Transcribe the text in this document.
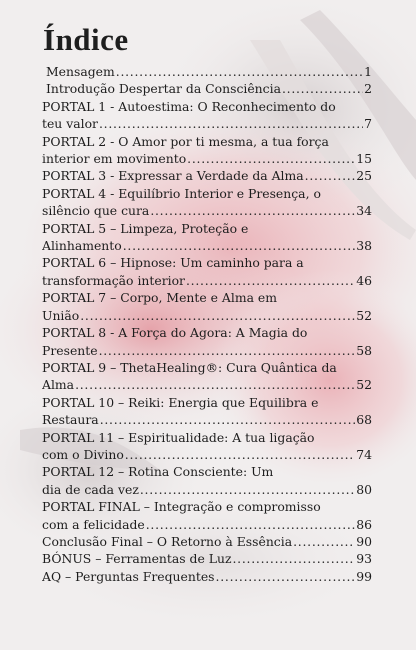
Índice
Mensagem . . .	1
Introdução Despertar da Consciência . . .	2
PORTAL 1 - Autoestima: O Reconhecimento do
teu valor . . .	7
PORTAL 2 - O Amor por ti mesma, a tua força
interior em movimento . . .	15
PORTAL 3 - Expressar a Verdade da Alma . . .	25
PORTAL 4 - Equilíbrio Interior e Presença, o
silêncio que cura . . .	34
PORTAL 5 – Limpeza, Proteção e
Alinhamento . . .	38
PORTAL 6 – Hipnose: Um caminho para a
transformação interior . . .	46
PORTAL 7 – Corpo, Mente e Alma em
União . . .	52
PORTAL 8 - A Força do Agora: A Magia do
Presente . . .	58
PORTAL 9 – ThetaHealing®: Cura Quântica da
Alma . . .	52
PORTAL 10 – Reiki: Energia que Equilibra e
Restaura . . .	68
PORTAL 11 – Espiritualidade: A tua ligação
com o Divino . . .	74
PORTAL 12 – Rotina Consciente: Um
dia de cada vez . . .	80
PORTAL FINAL – Integração e compromisso
com a felicidade . . .	86
Conclusão Final – O Retorno à Essência . . .	90
BÓNUS – Ferramentas de Luz . . .	93
AQ – Perguntas Frequentes . . .	99
